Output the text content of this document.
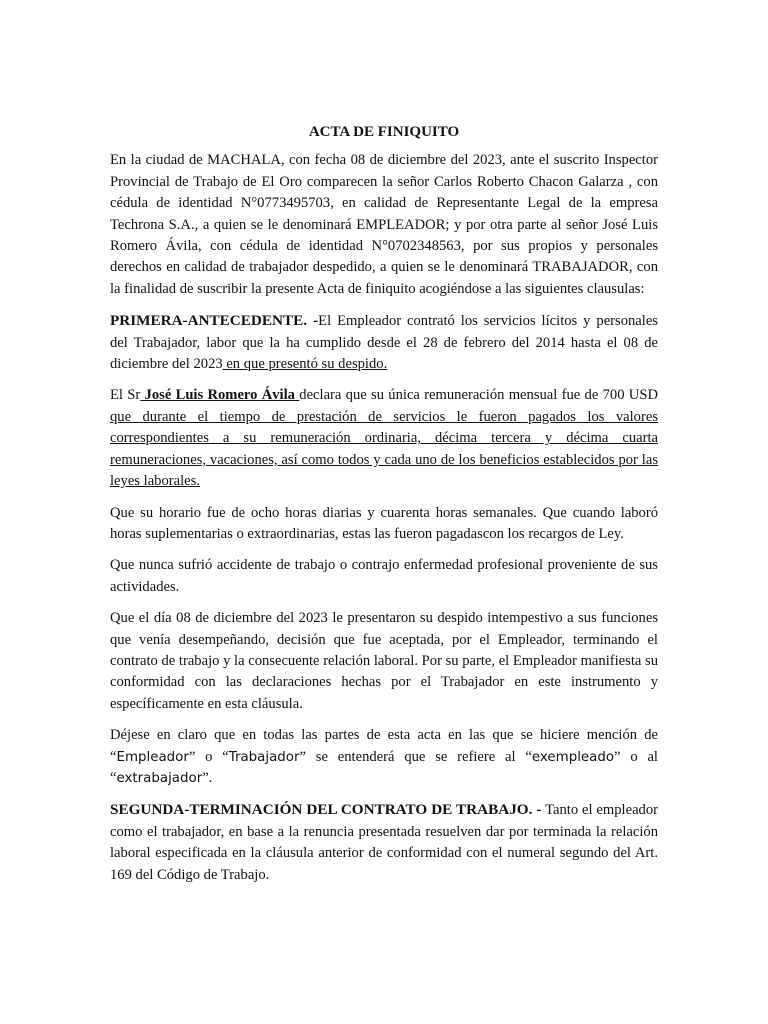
ACTA DE FINIQUITO

En la ciudad de MACHALA, con fecha 08 de diciembre del 2023, ante el suscrito Inspector Provincial de Trabajo de El Oro comparecen la señor Carlos Roberto Chacon Galarza , con cédula de identidad N°0773495703, en calidad de Representante Legal de la empresa Techrona S.A., a quien se le denominará EMPLEADOR; y por otra parte al señor José Luis Romero Ávila, con cédula de identidad N°0702348563, por sus propios y personales derechos en calidad de trabajador despedido, a quien se le denominará TRABAJADOR, con la finalidad de suscribir la presente Acta de finiquito acogiéndose a las siguientes clausulas:

PRIMERA-ANTECEDENTE. -El Empleador contrató los servicios lícitos y personales del Trabajador, labor que la ha cumplido desde el 28 de febrero del 2014 hasta el 08 de diciembre del 2023 en que presentó su despido.

El Sr José Luis Romero Ávila declara que su única remuneración mensual fue de 700 USD que durante el tiempo de prestación de servicios le fueron pagados los valores correspondientes a su remuneración ordinaria, décima tercera y décima cuarta remuneraciones, vacaciones, así como todos y cada uno de los beneficios establecidos por las leyes laborales.

Que su horario fue de ocho horas diarias y cuarenta horas semanales. Que cuando laboró horas suplementarias o extraordinarias, estas las fueron pagadascon los recargos de Ley.

Que nunca sufrió accidente de trabajo o contrajo enfermedad profesional proveniente de sus actividades.

Que el día 08 de diciembre del 2023 le presentaron su despido intempestivo a sus funciones que venía desempeñando, decisión que fue aceptada, por el Empleador, terminando el contrato de trabajo y la consecuente relación laboral. Por su parte, el Empleador manifiesta su conformidad con las declaraciones hechas por el Trabajador en este instrumento y específicamente en esta cláusula.

Déjese en claro que en todas las partes de esta acta en las que se hiciere mención de “Empleador” o “Trabajador” se entenderá que se refiere al “exempleado” o al “extrabajador”.

SEGUNDA-TERMINACIÓN DEL CONTRATO DE TRABAJO. - Tanto el empleador como el trabajador, en base a la renuncia presentada resuelven dar por terminada la relación laboral especificada en la cláusula anterior de conformidad con el numeral segundo del Art. 169 del Código de Trabajo.
